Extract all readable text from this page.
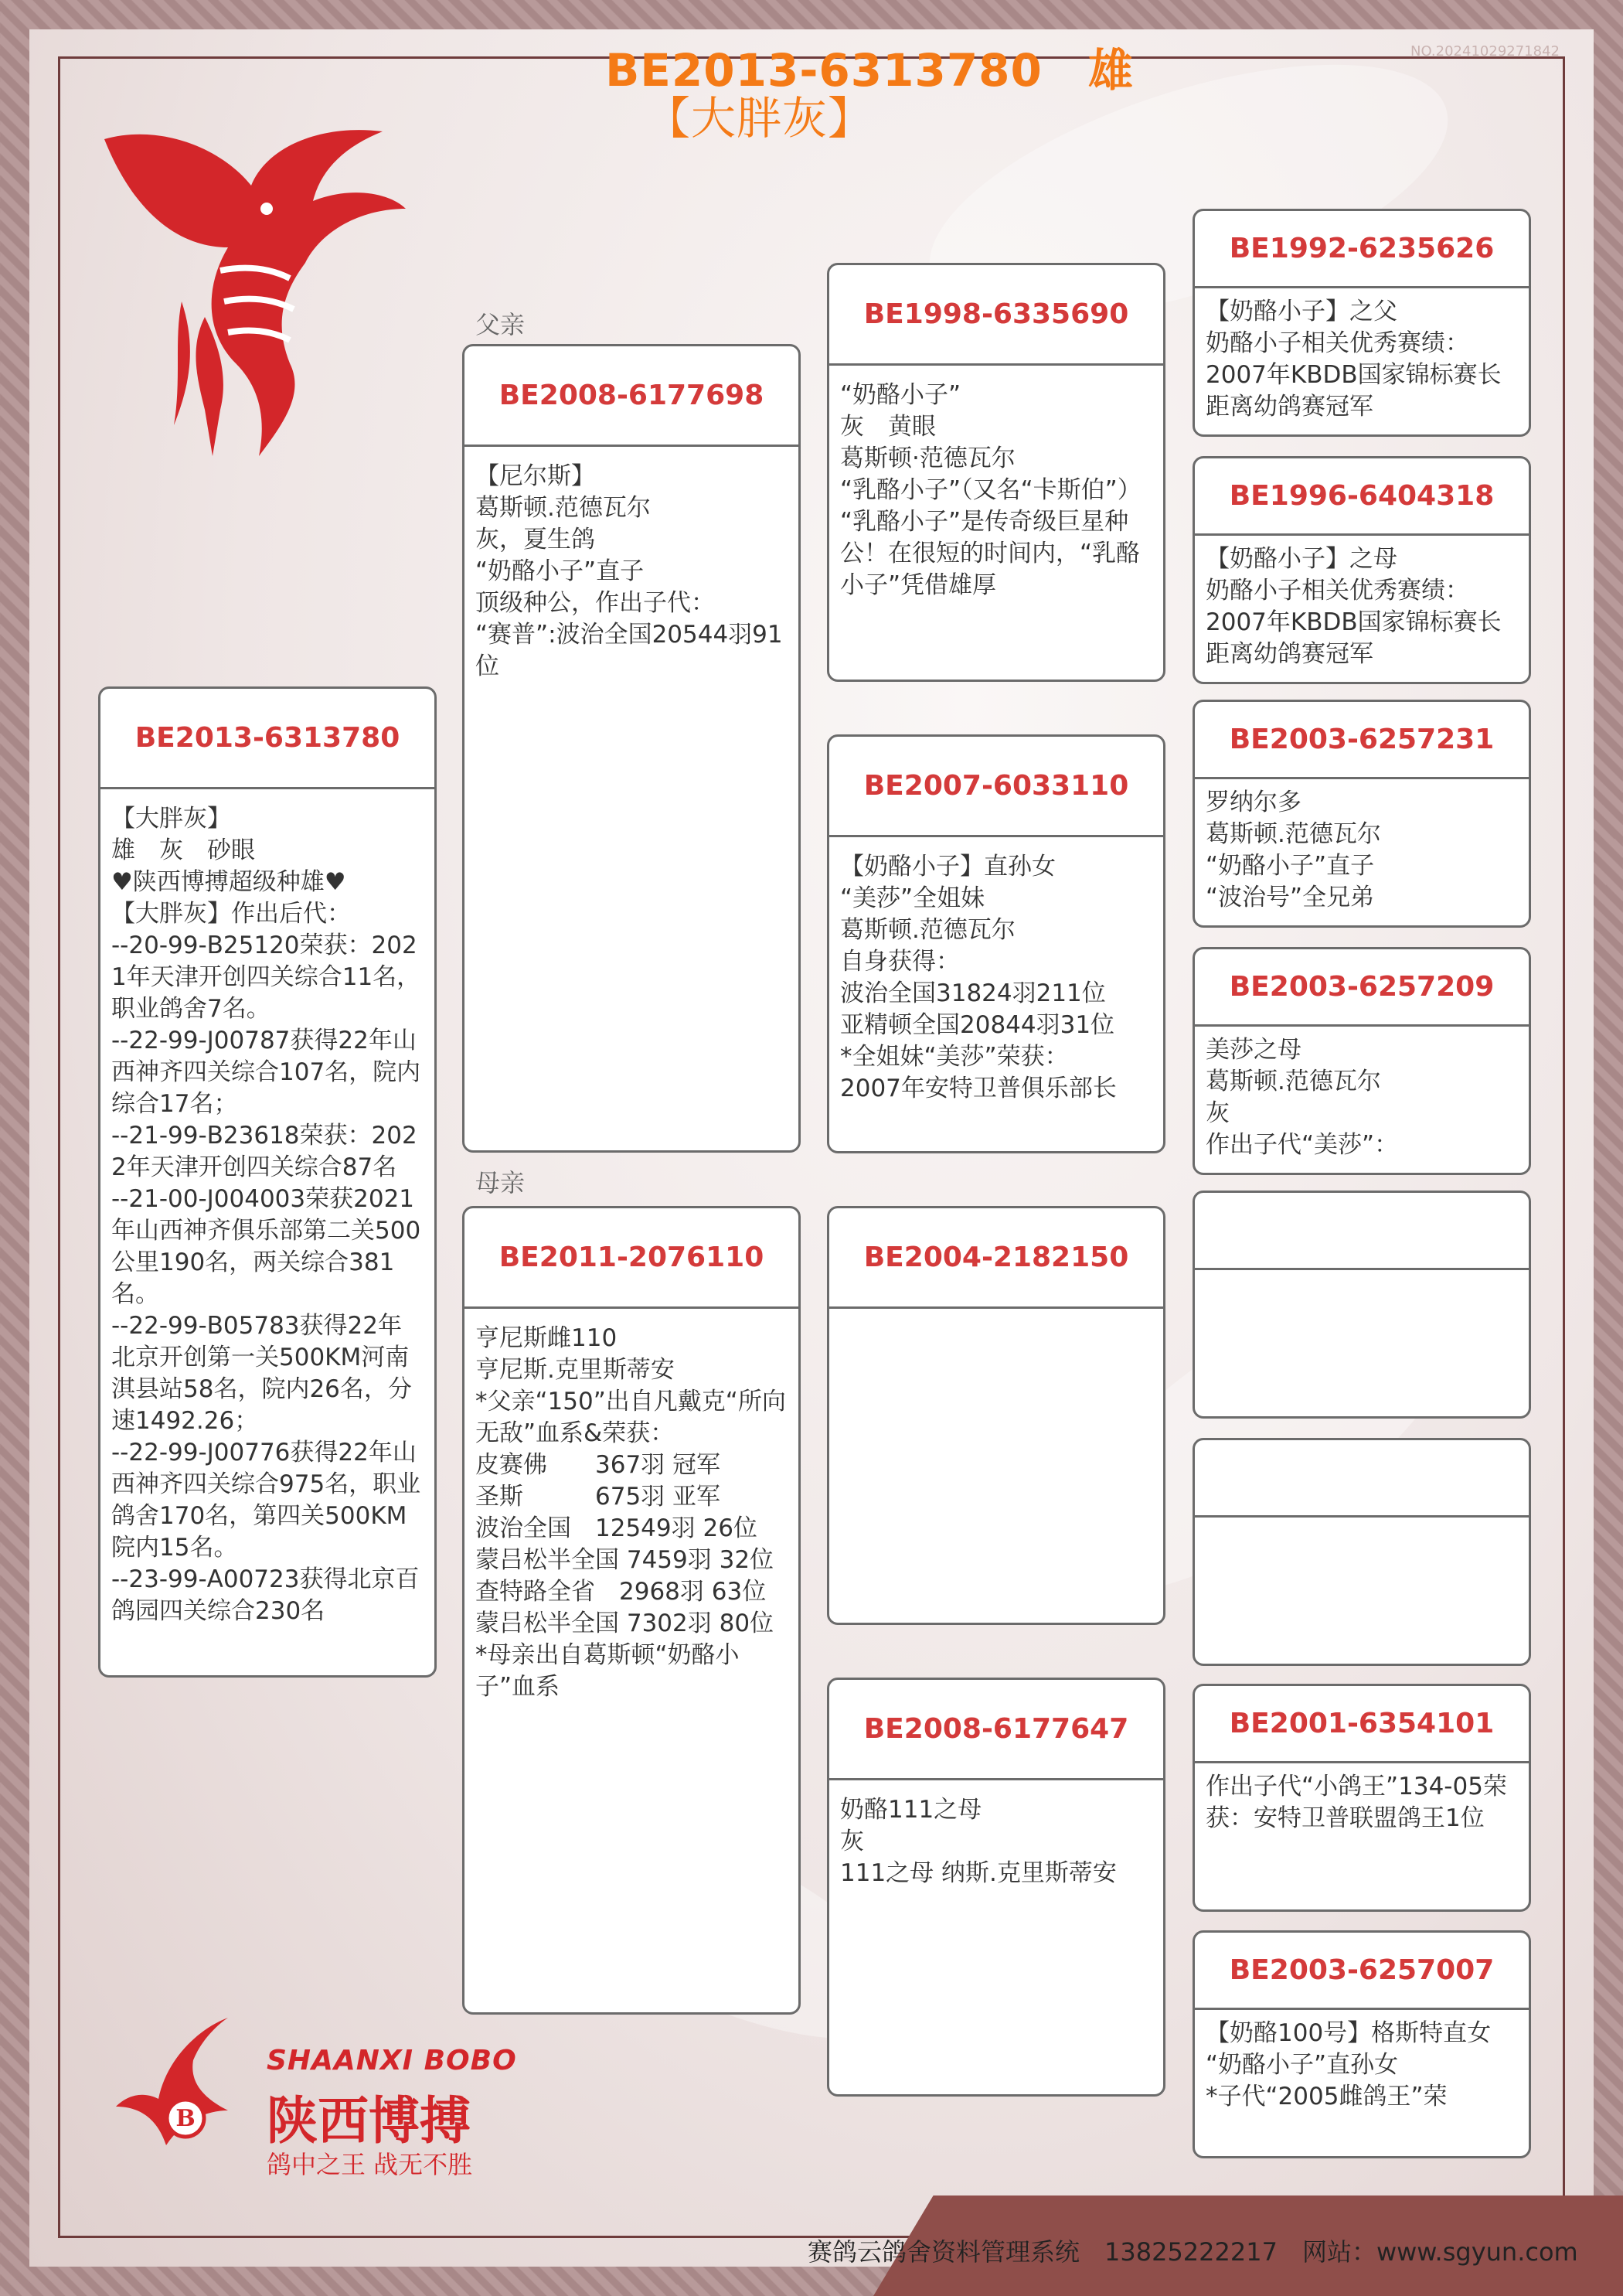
NO.20241029271842
BE2013-6313780　雄
【大胖灰】
父亲
母亲
BE2013-6313780
【大胖灰】
雄　灰　砂眼
♥陕西博搏超级种雄♥
【大胖灰】作出后代：
--20-99-B25120荣获：2021年天津开创四关综合11名，职业鸽舍7名。
--22-99-J00787获得22年山西神齐四关综合107名，院内综合17名；
--21-99-B23618荣获：2022年天津开创四关综合87名
--21-00-J004003荣获2021年山西神齐俱乐部第二关500公里190名，两关综合381名。
--22-99-B05783获得22年北京开创第一关500KM河南淇县站58名，院内26名，分速1492.26；
--22-99-J00776获得22年山西神齐四关综合975名，职业鸽舍170名，第四关500KM院内15名。
--23-99-A00723获得北京百鸽园四关综合230名
BE2008-6177698
【尼尔斯】
葛斯顿.范德瓦尔
灰，夏生鸽
“奶酪小子”直子
顶级种公，作出子代：
“赛普”:波治全国20544羽91位
BE2011-2076110
亨尼斯雌110
亨尼斯.克里斯蒂安
*父亲“150”出自凡戴克“所向无敌”血系&荣获：
皮赛佛　　367羽 冠军
圣斯　　　675羽 亚军
波治全国　12549羽 26位
蒙吕松半全国 7459羽 32位
查特路全省　2968羽 63位
蒙吕松半全国 7302羽 80位
*母亲出自葛斯顿“奶酪小子”血系
BE1998-6335690
“奶酪小子”
灰　黄眼
葛斯顿·范德瓦尔
“乳酪小子”（又名“卡斯伯”）
“乳酪小子”是传奇级巨星种公！在很短的时间内，“乳酪小子”凭借雄厚
BE2007-6033110
【奶酪小子】直孙女
“美莎”全姐妹
葛斯顿.范德瓦尔
自身获得：
波治全国31824羽211位
亚精顿全国20844羽31位
*全姐妹“美莎”荣获：
2007年安特卫普俱乐部长
BE2004-2182150
BE2008-6177647
奶酪111之母
灰
111之母 纳斯.克里斯蒂安
BE1992-6235626
【奶酪小子】之父
奶酪小子相关优秀赛绩：
2007年KBDB国家锦标赛长距离幼鸽赛冠军
BE1996-6404318
【奶酪小子】之母
奶酪小子相关优秀赛绩：
2007年KBDB国家锦标赛长距离幼鸽赛冠军
BE2003-6257231
罗纳尔多
葛斯顿.范德瓦尔
“奶酪小子”直子
“波治号”全兄弟
BE2003-6257209
美莎之母
葛斯顿.范德瓦尔
灰
作出子代“美莎”：
BE2001-6354101
作出子代“小鸽王”134-05荣获：安特卫普联盟鸽王1位
BE2003-6257007
【奶酪100号】格斯特直女
“奶酪小子”直孙女
*子代“2005雌鸽王”荣
B
SHAANXI BOBO
陕西博搏
鸽中之王 战无不胜
赛鸽云鸽舍资料管理系统　13825222217　网站：www.sgyun.com
